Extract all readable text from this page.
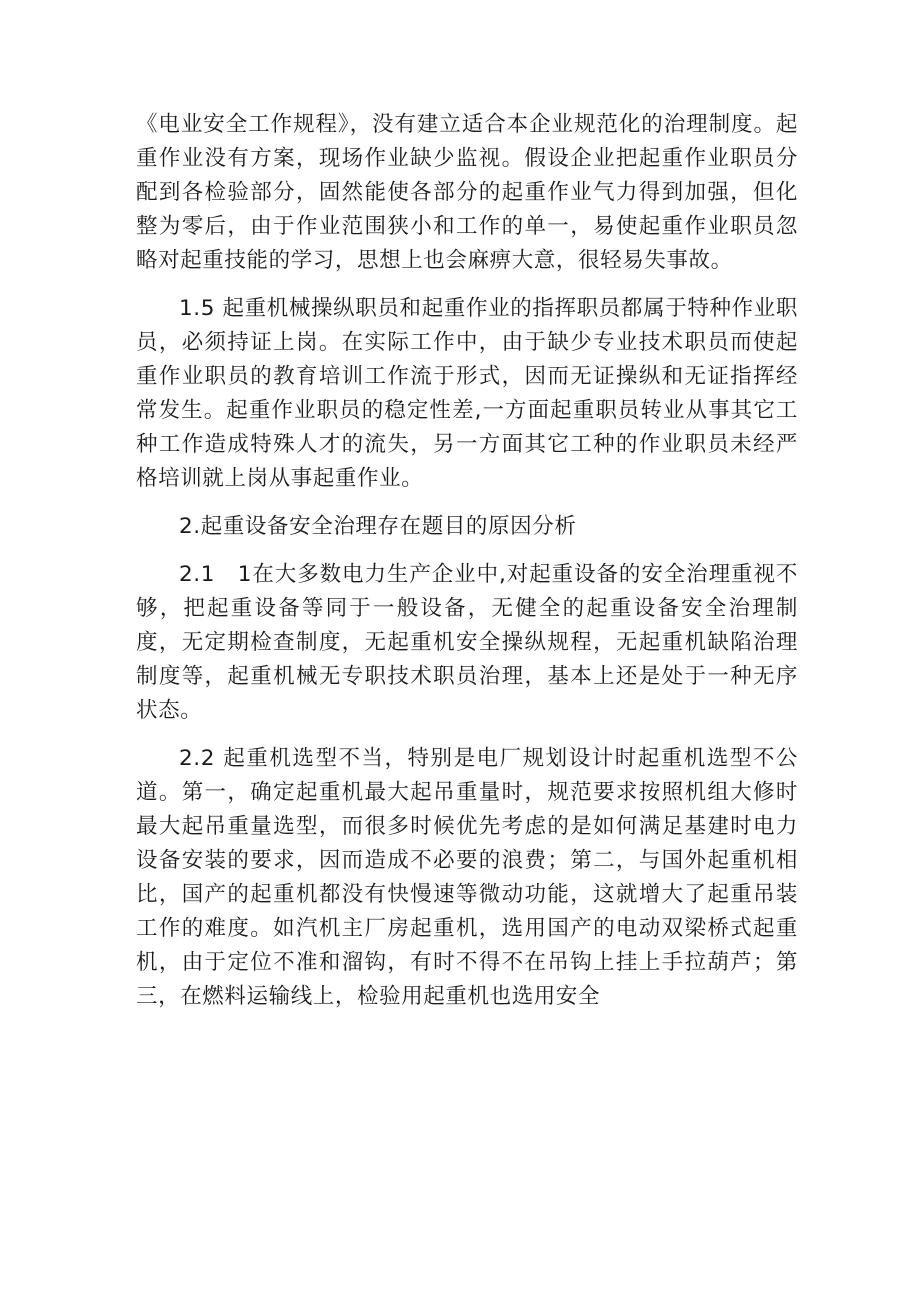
《电业安全工作规程》，没有建立适合本企业规范化的治理制度。起重作业没有方案，现场作业缺少监视。假设企业把起重作业职员分配到各检验部分，固然能使各部分的起重作业气力得到加强，但化整为零后，由于作业范围狭小和工作的单一，易使起重作业职员忽略对起重技能的学习，思想上也会麻痹大意，很轻易失事故。

1.5 起重机械操纵职员和起重作业的指挥职员都属于特种作业职员，必须持证上岗。在实际工作中，由于缺少专业技术职员而使起重作业职员的教育培训工作流于形式，因而无证操纵和无证指挥经常发生。起重作业职员的稳定性差,一方面起重职员转业从事其它工种工作造成特殊人才的流失，另一方面其它工种的作业职员未经严格培训就上岗从事起重作业。

2.起重设备安全治理存在题目的原因分析

2.1　1在大多数电力生产企业中,对起重设备的安全治理重视不够，把起重设备等同于一般设备，无健全的起重设备安全治理制度，无定期检查制度，无起重机安全操纵规程，无起重机缺陷治理制度等，起重机械无专职技术职员治理，基本上还是处于一种无序状态。

2.2 起重机选型不当，特别是电厂规划设计时起重机选型不公道。第一，确定起重机最大起吊重量时，规范要求按照机组大修时最大起吊重量选型，而很多时候优先考虑的是如何满足基建时电力设备安装的要求，因而造成不必要的浪费；第二，与国外起重机相比，国产的起重机都没有快慢速等微动功能，这就增大了起重吊装工作的难度。如汽机主厂房起重机，选用国产的电动双梁桥式起重机，由于定位不准和溜钩，有时不得不在吊钩上挂上手拉葫芦；第三，在燃料运输线上，检验用起重机也选用安全
